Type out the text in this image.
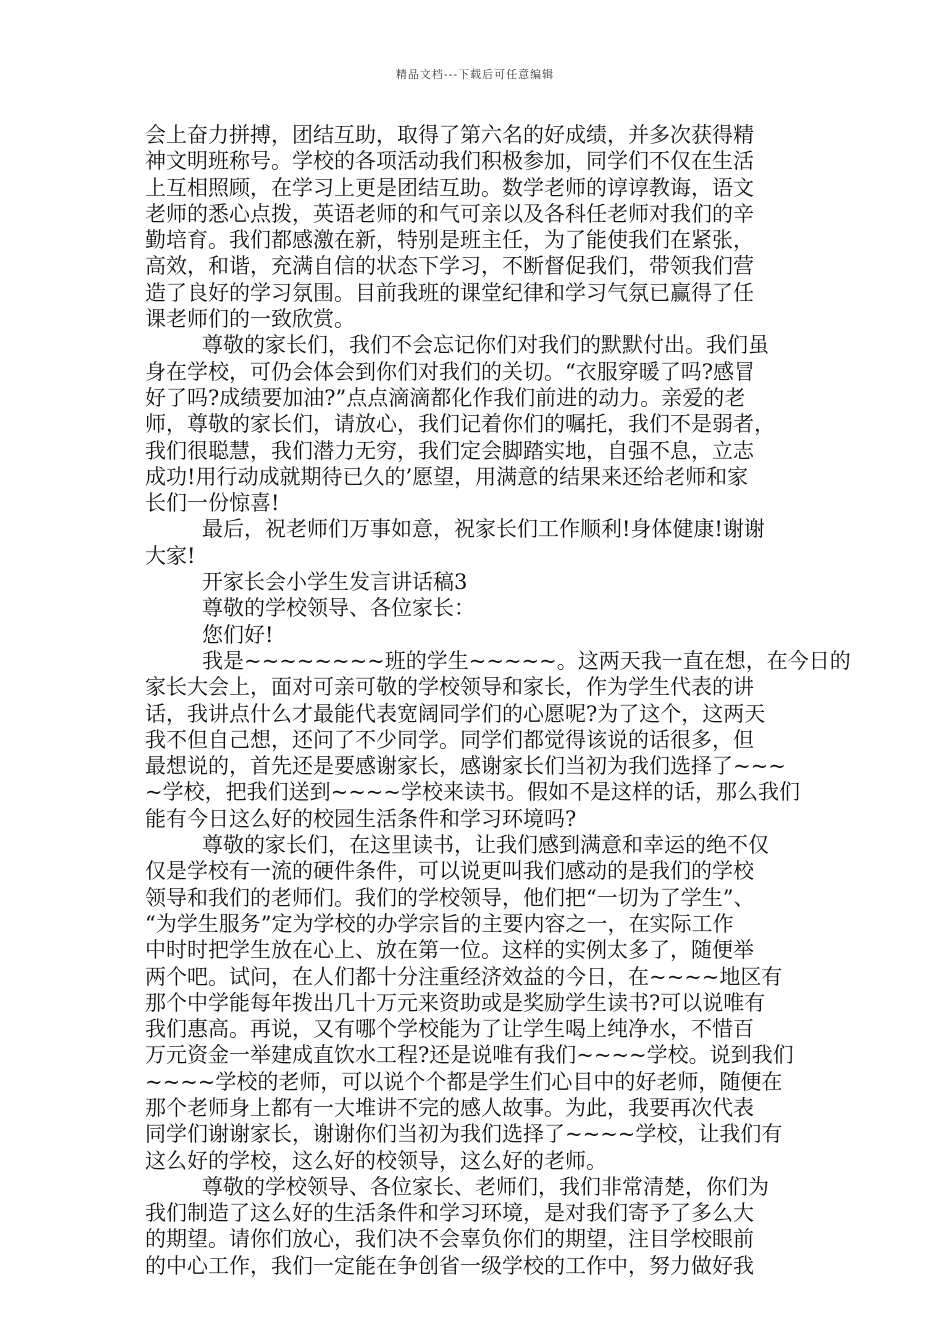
精品文档---下载后可任意编辑
会上奋力拼搏，团结互助，取得了第六名的好成绩，并多次获得精
神文明班称号。学校的各项活动我们积极参加，同学们不仅在生活
上互相照顾，在学习上更是团结互助。数学老师的谆谆教诲，语文
老师的悉心点拨，英语老师的和气可亲以及各科任老师对我们的辛
勤培育。我们都感激在新，特别是班主任，为了能使我们在紧张，
高效，和谐，充满自信的状态下学习，不断督促我们，带领我们营
造了良好的学习氛围。目前我班的课堂纪律和学习气氛已赢得了任
课老师们的一致欣赏。
尊敬的家长们，我们不会忘记你们对我们的默默付出。我们虽
身在学校，可仍会体会到你们对我们的关切。“衣服穿暖了吗?感冒
好了吗?成绩要加油?”点点滴滴都化作我们前进的动力。亲爱的老
师，尊敬的家长们，请放心，我们记着你们的嘱托，我们不是弱者，
我们很聪慧，我们潜力无穷，我们定会脚踏实地，自强不息，立志
成功!用行动成就期待已久的’愿望，用满意的结果来还给老师和家
长们一份惊喜!
最后，祝老师们万事如意，祝家长们工作顺利!身体健康!谢谢
大家!
开家长会小学生发言讲话稿3
尊敬的学校领导、各位家长：
您们好!
我是~~~~~~~~班的学生~~~~~。这两天我一直在想，在今日的
家长大会上，面对可亲可敬的学校领导和家长，作为学生代表的讲
话，我讲点什么才最能代表宽阔同学们的心愿呢?为了这个，这两天
我不但自己想，还问了不少同学。同学们都觉得该说的话很多，但
最想说的，首先还是要感谢家长，感谢家长们当初为我们选择了~~~
~学校，把我们送到~~~~学校来读书。假如不是这样的话，那么我们
能有今日这么好的校园生活条件和学习环境吗?
尊敬的家长们，在这里读书，让我们感到满意和幸运的绝不仅
仅是学校有一流的硬件条件，可以说更叫我们感动的是我们的学校
领导和我们的老师们。我们的学校领导，他们把“一切为了学生”、
“为学生服务”定为学校的办学宗旨的主要内容之一，在实际工作
中时时把学生放在心上、放在第一位。这样的实例太多了，随便举
两个吧。试问，在人们都十分注重经济效益的今日，在~~~~地区有
那个中学能每年拨出几十万元来资助或是奖励学生读书?可以说唯有
我们惠高。再说，又有哪个学校能为了让学生喝上纯净水，不惜百
万元资金一举建成直饮水工程?还是说唯有我们~~~~学校。说到我们
~~~~学校的老师，可以说个个都是学生们心目中的好老师，随便在
那个老师身上都有一大堆讲不完的感人故事。为此，我要再次代表
同学们谢谢家长，谢谢你们当初为我们选择了~~~~学校，让我们有
这么好的学校，这么好的校领导，这么好的老师。
尊敬的学校领导、各位家长、老师们，我们非常清楚，你们为
我们制造了这么好的生活条件和学习环境，是对我们寄予了多么大
的期望。请你们放心，我们决不会辜负你们的期望，注目学校眼前
的中心工作，我们一定能在争创省一级学校的工作中，努力做好我
